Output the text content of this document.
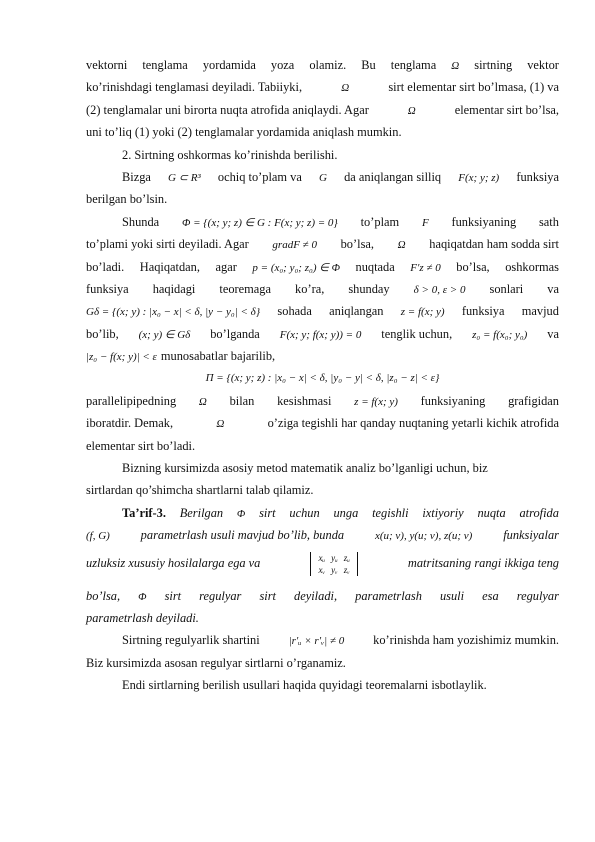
vektorni tenglama yordamida yoza olamiz. Bu tenglama Ω sirtning vektor
ko’rinishdagi tenglamasi deyiladi. Tabiiyki,	Ω	sirt elementar sirt bo’lmasa, (1) va
(2) tenglamalar uni birorta nuqta atrofida aniqlaydi. Agar	Ω	elementar sirt bo’lsa,
uni to’liq (1) yoki (2) tenglamalar yordamida aniqlash mumkin.
2. Sirtning oshkormas ko’rinishda berilishi.
Bizga G ⊂ R³ ochiq to’plam va G da aniqlangan silliq F(x; y; z) funksiya
berilgan bo’lsin.
Shunda Φ = {(x; y; z) ∈ G : F(x; y; z) = 0} to’plam F funksiyaning sath
to’plami yoki sirti deyiladi. Agar gradF ≠ 0 bo’lsa, Ω haqiqatdan ham sodda sirt
bo’ladi. Haqiqatdan, agar p = (x₀; y₀; z₀) ∈ Φ nuqtada F′z ≠ 0 bo’lsa, oshkormas
funksiya haqidagi teoremaga ko’ra, shunday δ > 0, ε > 0 sonlari va
Gδ = {(x; y) : |x₀ − x| < δ, |y − y₀| < δ} sohada aniqlangan z = f(x; y) funksiya mavjud
bo’lib, (x; y) ∈ Gδ bo’lganda F(x; y; f(x; y)) = 0 tenglik uchun, z₀ = f(x₀; y₀) va
|z₀ − f(x; y)| < ε munosabatlar bajarilib,
Π = {(x; y; z) : |x₀ − x| < δ, |y₀ − y| < δ, |z₀ − z| < ε}
parallelipipedning Ω bilan kesishmasi z = f(x; y) funksiyaning grafigidan
iboratdir. Demak,	Ω	o’ziga tegishli har qanday nuqtaning yetarli kichik atrofida
elementar sirt bo’ladi.
Bizning kursimizda asosiy metod matematik analiz bo’lganligi uchun, biz
sirtlardan qo’shimcha shartlarni talab qilamiz.
Ta’rif-3. Berilgan Φ sirt uchun unga tegishli ixtiyoriy nuqta atrofida
(f, G) parametrlash usuli mavjud bo’lib, bunda	x(u; v), y(u; v), z(u; v) funksiyalar
uzluksiz xususiy hosilalarga ega va	xᵤ	yᵤ	zᵤ
xᵥ	yᵥ	zᵥ	matritsaning rangi ikkiga teng
bo’lsa, Φ sirt regulyar sirt deyiladi, parametrlash usuli esa regulyar
parametrlash deyiladi.
Sirtning regulyarlik shartini	|r′ᵤ × r′ᵥ| ≠ 0 ko’rinishda ham yozishimiz mumkin.
Biz kursimizda asosan regulyar sirtlarni o’rganamiz.
Endi sirtlarning berilish usullari haqida quyidagi teoremalarni isbotlaylik.
